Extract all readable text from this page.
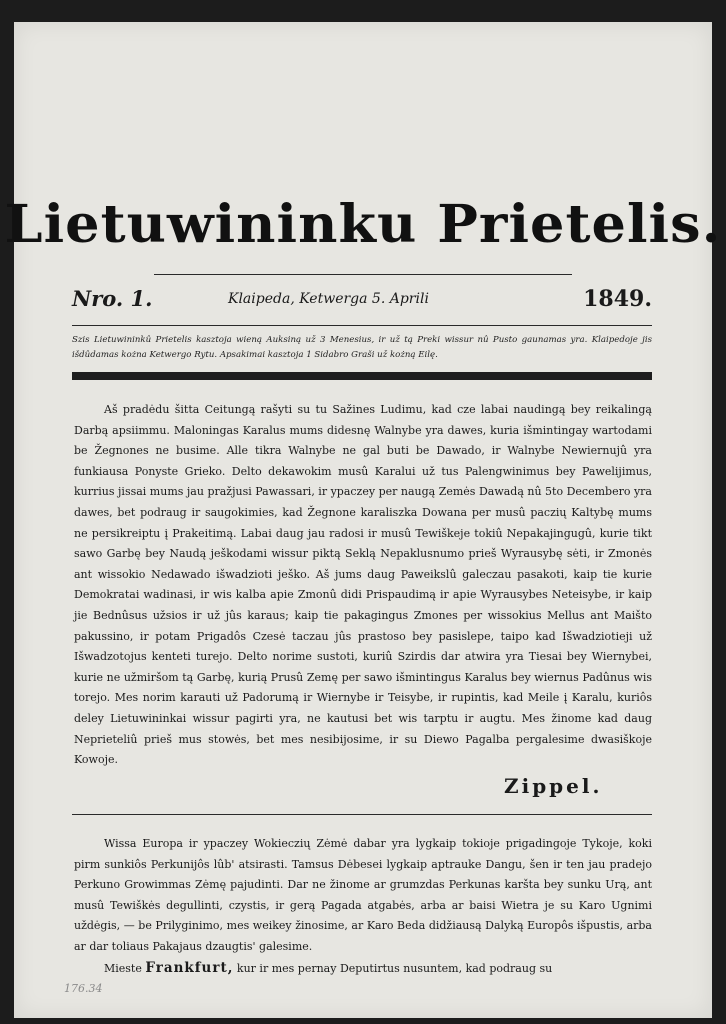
Lietuwininku Prietelis.
Nro. 1.	Klaipeda, Ketwerga 5. Aprili	1849.
Szis Lietuwininkû Prietelis kasztoja wieną Auksiną už 3 Menesius, ir už tą Preki wissur nû Pusto gaunamas yra. Klaipedoje jis išdûdamas kożna Ketwergo Rytu. Apsakimai kasztoja 1 Sidabro Graši už kożną Eilę.

Aš pradėdu šitta Ceitungą rašyti su tu Sažines Ludimu, kad cze labai naudingą bey reikalingą Darbą apsiimmu. Maloningas Karalus mums didesnę Walnybe yra dawes, kuria išmintingay wartodami be Žegnones ne busime. Alle tikra Walnybe ne gal buti be Dawado, ir Walnybe Newiernujû yra funkiausa Ponyste Grieko. Delto dekawokim musû Karalui už tus Palengwinimus bey Pawelijimus, kurrius jissai mums jau pražjusi Pawassari, ir ypaczey per naugą Zemės Dawadą nû 5to Decembero yra dawes, bet podraug ir saugokimies, kad Žegnone karaliszka Dowana per musû paczių Kaltybę mums ne persikreiptu į Prakeitimą. Labai daug jau radosi ir musû Tewiškeje tokiû Nepakajingugû, kurie tikt sawo Garbę bey Naudą ješkodami wissur piktą Seklą Nepaklusnumo prieš Wyrausybę sėti, ir Zmonės ant wissokio Nedawado išwadzioti ješko. Aš jums daug Paweikslû galeczau pasakoti, kaip tie kurie Demokratai wadinasi, ir wis kalba apie Zmonû didi Prispaudimą ir apie Wyrausybes Neteisybe, ir kaip jie Bednûsus užsios ir už jûs karaus; kaip tie pakagingus Zmones per wissokius Mellus ant Maišto pakussino, ir potam Prigadôs Czesė taczau jûs prastoso bey pasislepe, taipo kad Išwadziotieji už Išwadzotojus kenteti turejo. Delto norime sustoti, kuriû Szirdis dar atwira yra Tiesai bey Wiernybei, kurie ne užmiršom tą Garbę, kurią Prusû Zemę per sawo išmintingus Karalus bey wiernus Padûnus wis torejo. Mes norim karauti už Padorumą ir Wiernybe ir Teisybe, ir rupintis, kad Meile į Karalu, kuriôs deley Lietuwininkai wissur pagirti yra, ne kautusi bet wis tarptu ir augtu. Mes žinome kad daug Neprieteliû prieš mus stowės, bet mes nesibijosime, ir su Diewo Pagalba pergalesime dwasiškoje Kowoje.

Zippel.

Wissa Europa ir ypaczey Wokieczių Zėmė dabar yra lygkaip tokioje prigadingoje Tykoje, koki pirm sunkiôs Perkunijôs lûb' atsirasti. Tamsus Dėbesei lygkaip aptrauke Dangu, šen ir ten jau pradejo Perkuno Growimmas Zėmę pajudinti. Dar ne žinome ar grumzdas Perkunas karšta bey sunku Urą, ant musû Tewiškės degullinti, czystis, ir gerą Pagada atgabės, arba ar baisi Wietra je su Karo Ugnimi uždėgis, — be Prilyginimo, mes weikey žinosime, ar Karo Beda didžiausą Dalyką Europôs išpustis, arba ar dar toliaus Pakajaus dzaugtis' galesime.

Mieste Frankfurt, kur ir mes pernay Deputirtus nusuntem, kad podraug su

176.34
